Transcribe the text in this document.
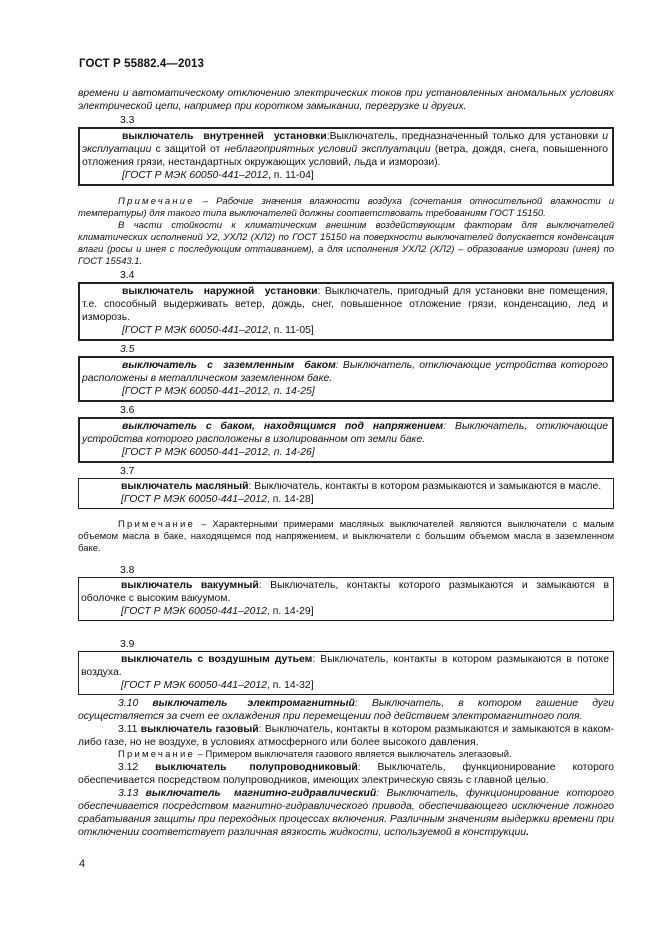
ГОСТ Р 55882.4—2013

времени и автоматическому отключению электрических токов при установленных аномальных условиях электрической цепи, например при коротком замыкании, перегрузке и других.

3.3

выключатель внутренней установки:Выключатель, предназначенный только для установки и эксплуатации с защитой от неблагоприятных условий эксплуатации (ветра, дождя, снега, повышенного отложения грязи, нестандартных окружающих условий, льда и изморози).

[ГОСТ Р МЭК 60050-441–2012, п. 11-04]

Примечание – Рабочие значения влажности воздуха (сочетания относительной влажности и температуры) для такого типа выключателей должны соответствовать требованиям ГОСТ 15150.

В части стойкости к климатическим внешним воздействующим факторам для выключателей климатических исполнений У2, УХЛ2 (ХЛ2) по ГОСТ 15150 на поверхности выключателей допускается конденсация влаги (росы и инея с последующим оттаиванием), а для исполнения УХЛ2 (ХЛ2) – образование изморози (инея) по ГОСТ 15543.1.

3.4

выключатель наружной установки: Выключатель, пригодный для установки вне помещения, т.е. способный выдерживать ветер, дождь, снег, повышенное отложение грязи, конденсацию, лед и изморозь.

[ГОСТ Р МЭК 60050-441–2012, п. 11-05]
3.5

выключатель с заземленным баком: Выключатель, отключающие устройства которого расположены в металлическом заземленном баке.

[ГОСТ Р МЭК 60050-441–2012, п. 14-25]
3.6

выключатель с баком, находящимся под напряжением: Выключатель, отключающие устройства которого расположены в изолированном от земли баке.

[ГОСТ Р МЭК 60050-441–2012, п. 14-26]
3.7

выключатель масляный: Выключатель, контакты в котором размыкаются и замыкаются в масле.

[ГОСТ Р МЭК 60050-441–2012, п. 14-28]

Примечание – Характерными примерами масляных выключателей являются выключатели с малым объемом масла в баке, находящемся под напряжением, и выключатели с большим объемом масла в заземленном баке.

3.8

выключатель вакуумный: Выключатель, контакты которого размыкаются и замыкаются в оболочке с высоким вакуумом.

[ГОСТ Р МЭК 60050-441–2012, п. 14-29]
3.9

выключатель с воздушным дутьем: Выключатель, контакты в котором размыкаются в потоке воздуха.

[ГОСТ Р МЭК 60050-441–2012, п. 14-32]

3.10 выключатель электромагнитный: Выключатель, в котором гашение дуги осуществляется за счет ее охлаждения при перемещении под действием электромагнитного поля.

3.11 выключатель газовый: Выключатель, контакты в котором размыкаются и замыкаются в каком-либо газе, но не воздухе, в условиях атмосферного или более высокого давления.

Примечание – Примером выключателя газового является выключатель элегазовый.

3.12 выключатель полупроводниковый: Выключатель, функционирование которого обеспечивается посредством полупроводников, имеющих электрическую связь с главной целью.

3.13 выключатель магнитно-гидравлический: Выключатель, функционирование которого обеспечивается посредством магнитно-гидравлического привода, обеспечивающего исключение ложного срабатывания защиты при переходных процессах включения. Различным значениям выдержки времени при отключении соответствует различная вязкость жидкости, используемой в конструкции.

4
